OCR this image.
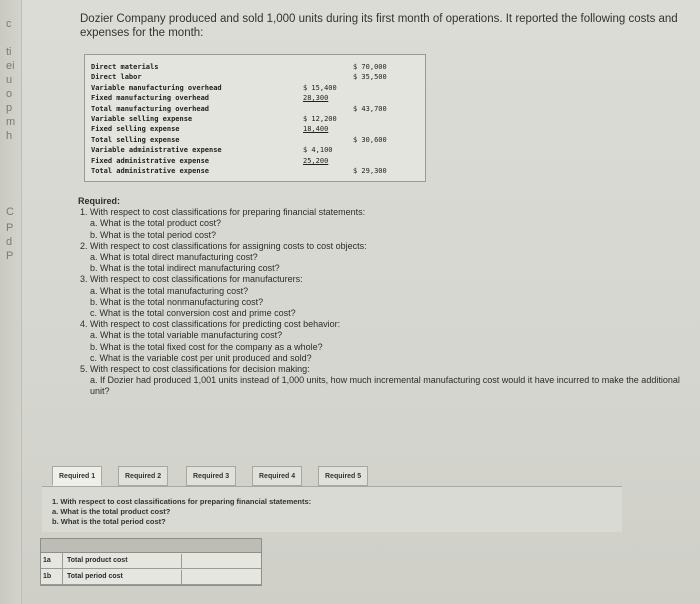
c
ti
ei
u
o
p
m
h
C
P
d
P
Dozier Company produced and sold 1,000 units during its first month of operations. It reported the following costs and expenses for the month:
Direct materials	$ 70,000
Direct labor	$ 35,500
Variable manufacturing overhead	$ 15,400
Fixed manufacturing overhead	28,300
Total manufacturing overhead	$ 43,700
Variable selling expense	$ 12,200
Fixed selling expense	18,400
Total selling expense	$ 30,600
Variable administrative expense	$ 4,100
Fixed administrative expense	25,200
Total administrative expense	$ 29,300
Required:
1. With respect to cost classifications for preparing financial statements:
a. What is the total product cost?
b. What is the total period cost?
2. With respect to cost classifications for assigning costs to cost objects:
a. What is total direct manufacturing cost?
b. What is the total indirect manufacturing cost?
3. With respect to cost classifications for manufacturers:
a. What is the total manufacturing cost?
b. What is the total nonmanufacturing cost?
c. What is the total conversion cost and prime cost?
4. With respect to cost classifications for predicting cost behavior:
a. What is the total variable manufacturing cost?
b. What is the total fixed cost for the company as a whole?
c. What is the variable cost per unit produced and sold?
5. With respect to cost classifications for decision making:
a. If Dozier had produced 1,001 units instead of 1,000 units, how much incremental manufacturing cost would it have incurred to make the additional unit?
Required 1	Required 2	Required 3	Required 4	Required 5
1. With respect to cost classifications for preparing financial statements:
a. What is the total product cost?
b. What is the total period cost?
1a	Total product cost
1b	Total period cost
